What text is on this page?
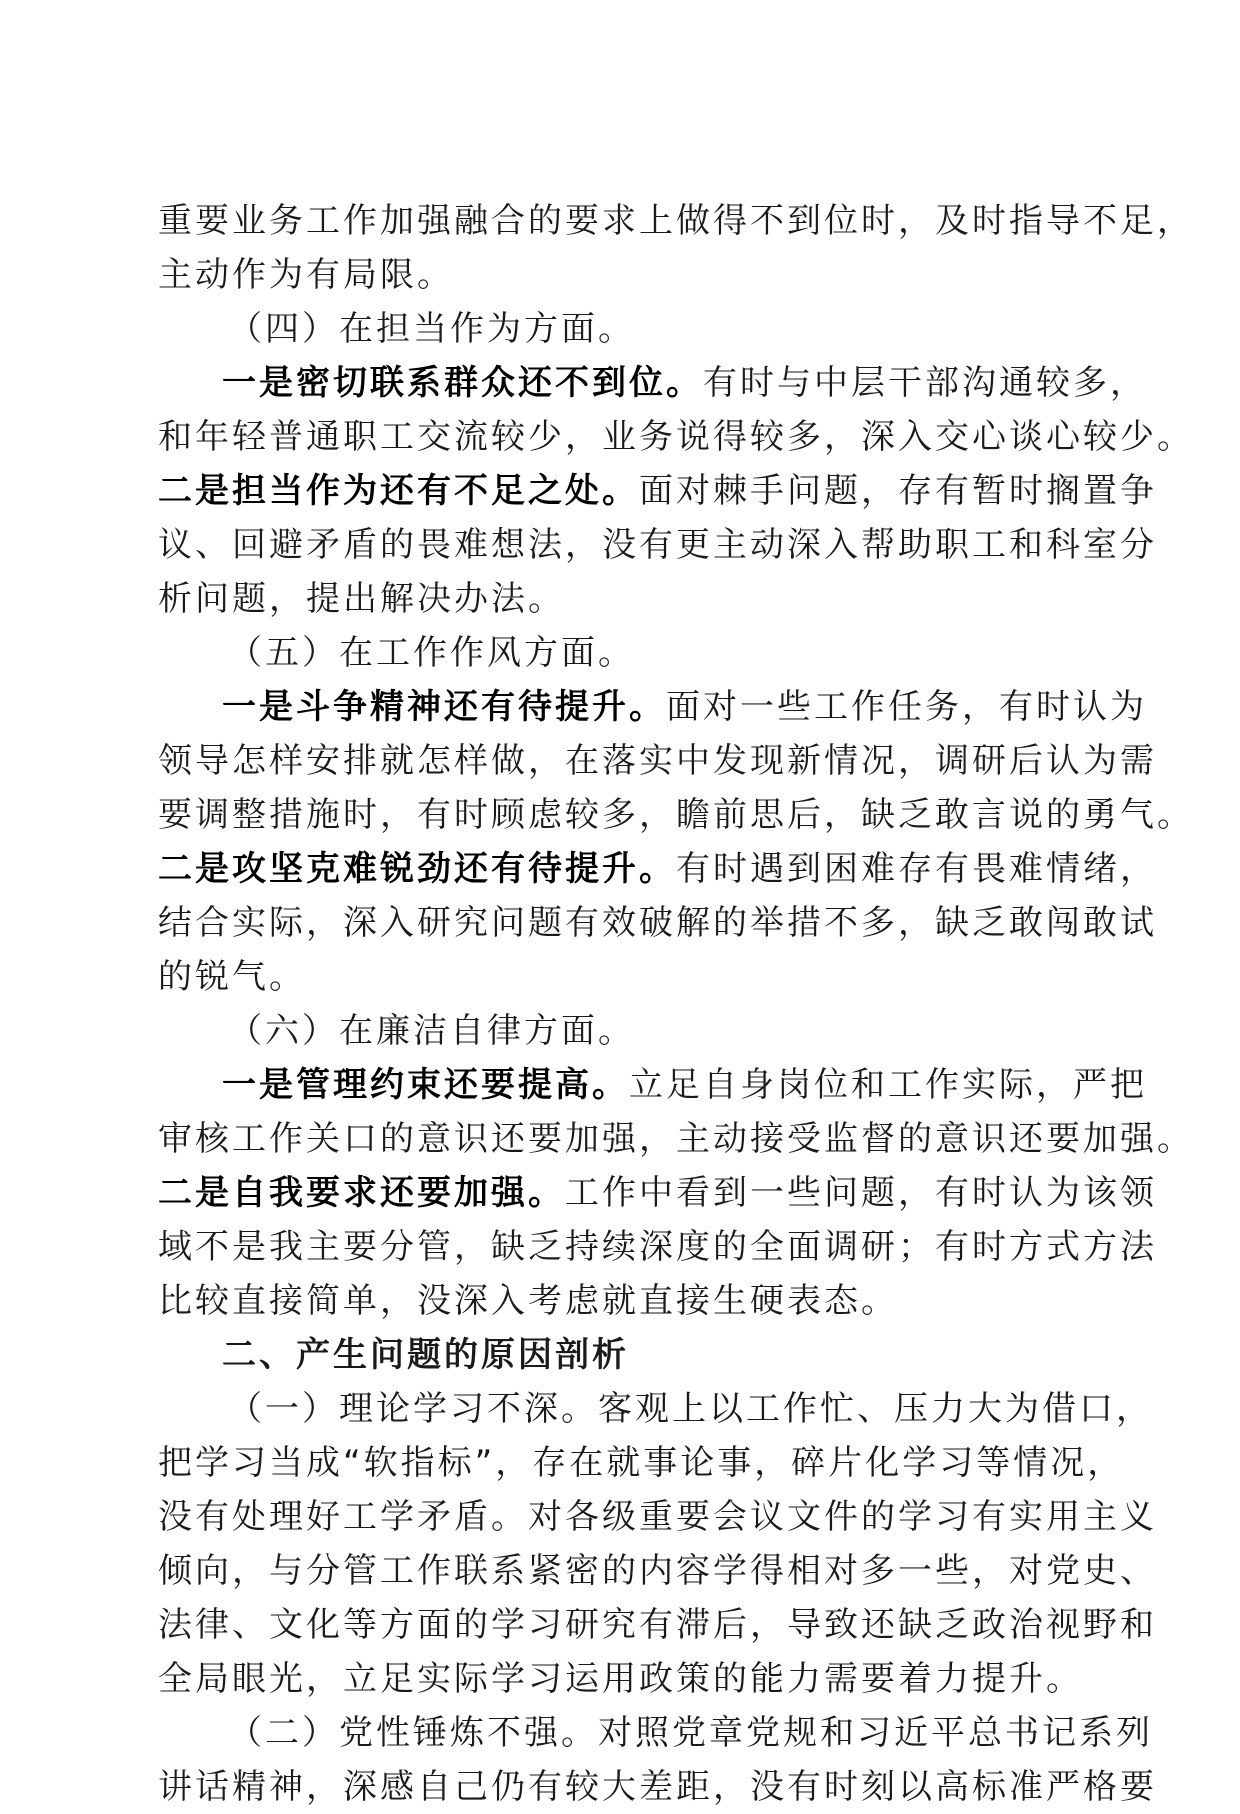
重要业务工作加强融合的要求上做得不到位时，及时指导不足，
主动作为有局限。
（四）在担当作为方面。
一是密切联系群众还不到位。有时与中层干部沟通较多，
和年轻普通职工交流较少，业务说得较多，深入交心谈心较少。
二是担当作为还有不足之处。面对棘手问题，存有暂时搁置争
议、回避矛盾的畏难想法，没有更主动深入帮助职工和科室分
析问题，提出解决办法。
（五）在工作作风方面。
一是斗争精神还有待提升。面对一些工作任务，有时认为
领导怎样安排就怎样做，在落实中发现新情况，调研后认为需
要调整措施时，有时顾虑较多，瞻前思后，缺乏敢言说的勇气。
二是攻坚克难锐劲还有待提升。有时遇到困难存有畏难情绪，
结合实际，深入研究问题有效破解的举措不多，缺乏敢闯敢试
的锐气。
（六）在廉洁自律方面。
一是管理约束还要提高。立足自身岗位和工作实际，严把
审核工作关口的意识还要加强，主动接受监督的意识还要加强。
二是自我要求还要加强。工作中看到一些问题，有时认为该领
域不是我主要分管，缺乏持续深度的全面调研；有时方式方法
比较直接简单，没深入考虑就直接生硬表态。
二、产生问题的原因剖析
（一）理论学习不深。客观上以工作忙、压力大为借口，
把学习当成“软指标”，存在就事论事，碎片化学习等情况，
没有处理好工学矛盾。对各级重要会议文件的学习有实用主义
倾向，与分管工作联系紧密的内容学得相对多一些，对党史、
法律、文化等方面的学习研究有滞后，导致还缺乏政治视野和
全局眼光，立足实际学习运用政策的能力需要着力提升。
（二）党性锤炼不强。对照党章党规和习近平总书记系列
讲话精神，深感自己仍有较大差距，没有时刻以高标准严格要
